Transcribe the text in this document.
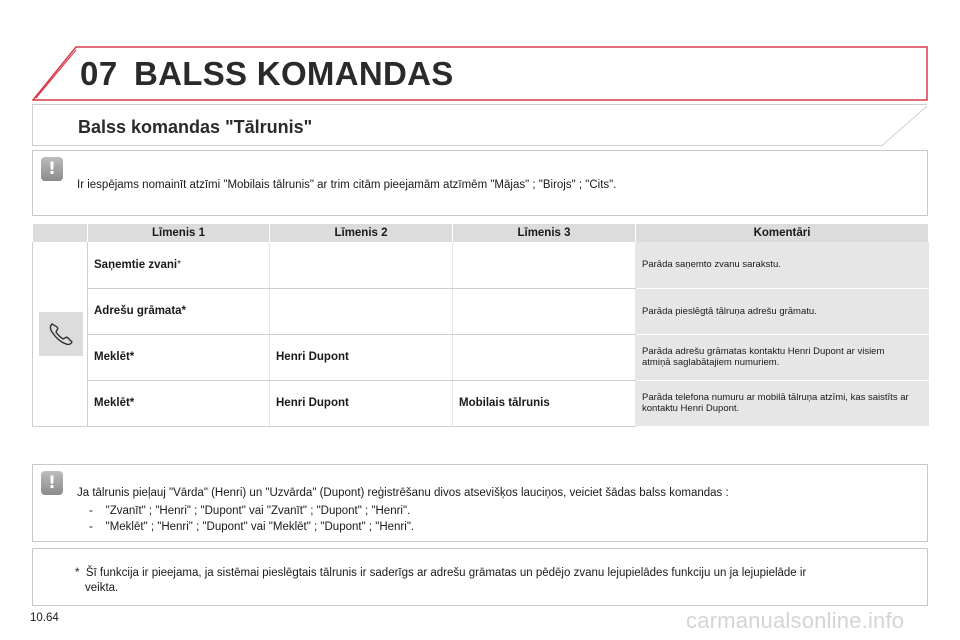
07 BALSS KOMANDAS
Balss komandas "Tālrunis"
!
Ir iespējams nomainīt atzīmi "Mobilais tālrunis" ar trim citām pieejamām atzīmēm "Mājas" ; "Birojs" ; "Cits".
	Līmenis 1	Līmenis 2	Līmenis 3	Komentāri

	Saņemtie zvani*			Parāda saņemto zvanu sarakstu.
	Adrešu grāmata*			Parāda pieslēgtā tālruņa adrešu grāmatu.
	Meklēt*	Henri Dupont		Parāda adrešu grāmatas kontaktu Henri Dupont ar visiem atmiņā saglabātajiem numuriem.
	Meklēt*	Henri Dupont	Mobilais tālrunis	Parāda telefona numuru ar mobilā tālruņa atzīmi, kas saistīts ar kontaktu Henri Dupont.
!	Ja tālrunis pieļauj "Vārda" (Henri) un "Uzvārda" (Dupont) reģistrēšanu divos atsevišķos lauciņos, veiciet šādas balss komandas :
-    "Zvanīt" ; "Henri" ; "Dupont" vai "Zvanīt" ; "Dupont" ; "Henri".
-    "Meklēt" ; "Henri" ; "Dupont" vai "Meklēt" ; "Dupont" ; "Henri".
*  Šī funkcija ir pieejama, ja sistēmai pieslēgtais tālrunis ir saderīgs ar adrešu grāmatas un pēdējo zvanu lejupielādes funkciju un ja lejupielāde ir
veikta.
10.64	carmanualsonline.info
